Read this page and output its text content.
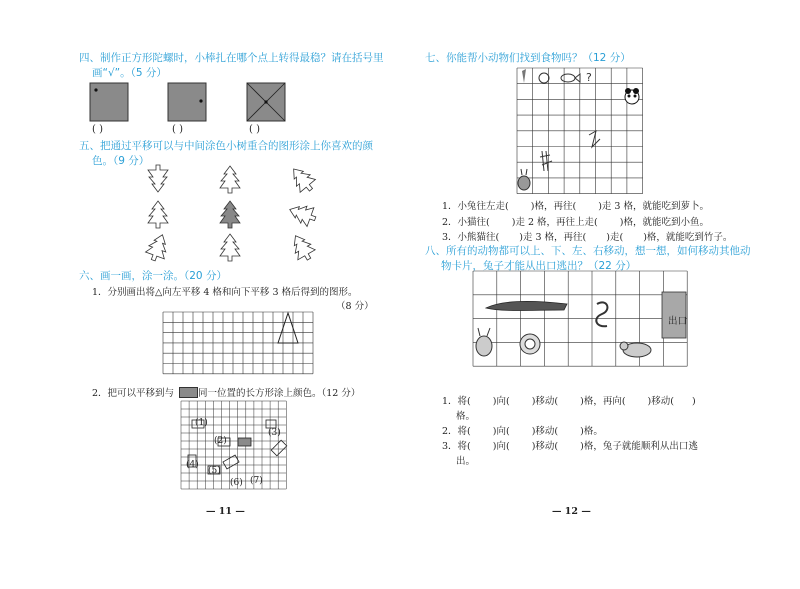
四、制作正方形陀螺时，小棒扎在哪个点上转得最稳？请在括号里
画“√”。（5 分）
( )	( )	( )
五、把通过平移可以与中间涂色小树重合的图形涂上你喜欢的颜
色。（9 分）
六、画一画，涂一涂。（20 分）
1．分别画出将△向左平移 4 格和向下平移 3 格后得到的图形。
（8 分）
2．把可以平移到与	同一位置的长方形涂上颜色。（12 分）
(1)
(2)
(3)
(4)
(5)
(6) (7)
— 11 —
七、你能帮小动物们找到食物吗？（12 分）
?
1．小兔往左走( )格，再往( )走 3 格，就能吃到萝卜。
2．小猫往( )走 2 格，再往上走( )格，就能吃到小鱼。
3．小熊猫往( )走 3 格，再往( )走( )格，就能吃到竹子。
八、所有的动物都可以上、下、左、右移动，想一想，如何移动其他动
物卡片，兔子才能从出口逃出？（22 分）
出口
1．将( )向( )移动( )格，再向( )移动( )
格。
2．将( )向( )移动( )格。
3．将( )向( )移动( )格，兔子就能顺利从出口逃
出。
— 12 —
